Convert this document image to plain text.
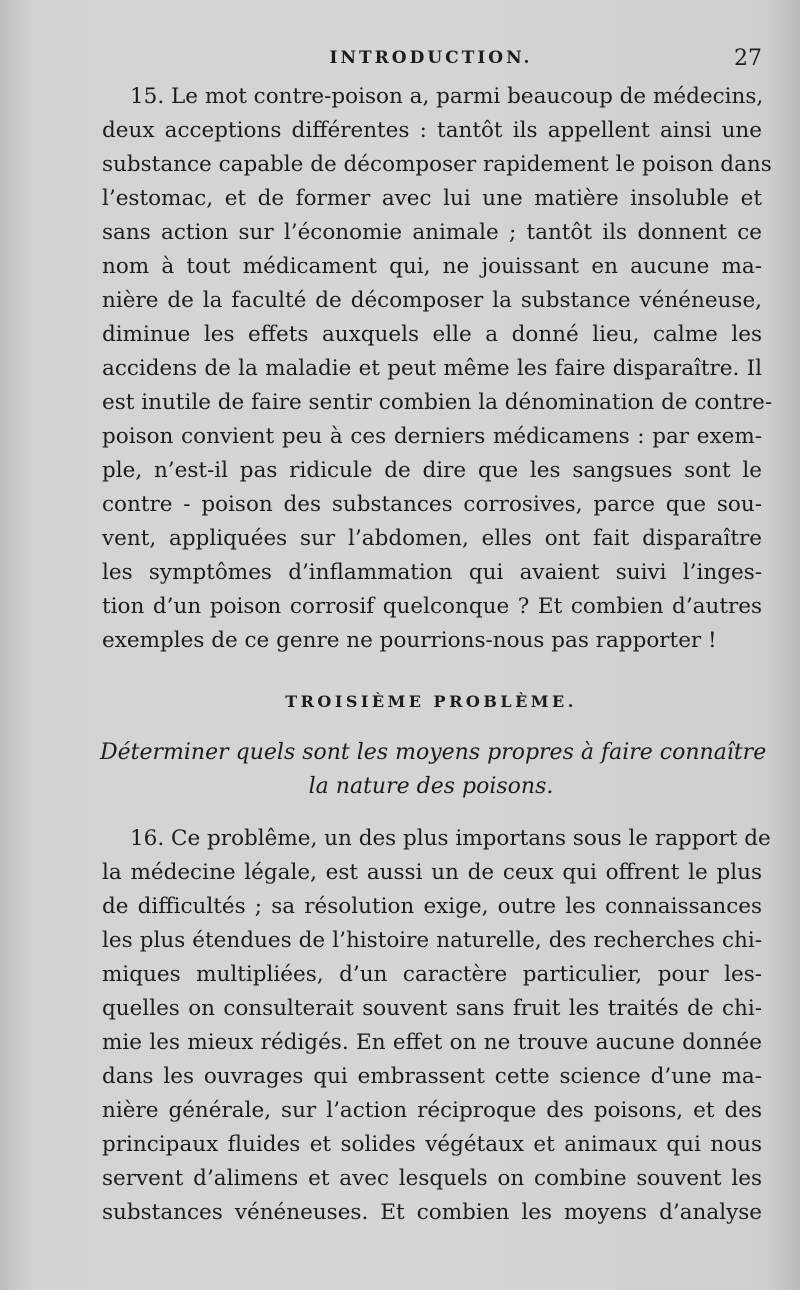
INTRODUCTION.	27
15. Le mot contre-poison a, parmi beaucoup de médecins,
deux acceptions différentes : tantôt ils appellent ainsi une
substance capable de décomposer rapidement le poison dans
l’estomac, et de former avec lui une matière insoluble et
sans action sur l’économie animale ; tantôt ils donnent ce
nom à tout médicament qui, ne jouissant en aucune ma-
nière de la faculté de décomposer la substance vénéneuse,
diminue les effets auxquels elle a donné lieu, calme les
accidens de la maladie et peut même les faire disparaître. Il
est inutile de faire sentir combien la dénomination de contre-
poison convient peu à ces derniers médicamens : par exem-
ple, n’est-il pas ridicule de dire que les sangsues sont le
contre - poison des substances corrosives, parce que sou-
vent, appliquées sur l’abdomen, elles ont fait disparaître
les symptômes d’inflammation qui avaient suivi l’inges-
tion d’un poison corrosif quelconque ? Et combien d’autres
exemples de ce genre ne pourrions-nous pas rapporter !
TROISIÈME PROBLÈME.
Déterminer quels sont les moyens propres à faire connaître
la nature des poisons.
16. Ce problême, un des plus importans sous le rapport de
la médecine légale, est aussi un de ceux qui offrent le plus
de difficultés ; sa résolution exige, outre les connaissances
les plus étendues de l’histoire naturelle, des recherches chi-
miques multipliées, d’un caractère particulier, pour les-
quelles on consulterait souvent sans fruit les traités de chi-
mie les mieux rédigés. En effet on ne trouve aucune donnée
dans les ouvrages qui embrassent cette science d’une ma-
nière générale, sur l’action réciproque des poisons, et des
principaux fluides et solides végétaux et animaux qui nous
servent d’alimens et avec lesquels on combine souvent les
substances vénéneuses. Et combien les moyens d’analyse
